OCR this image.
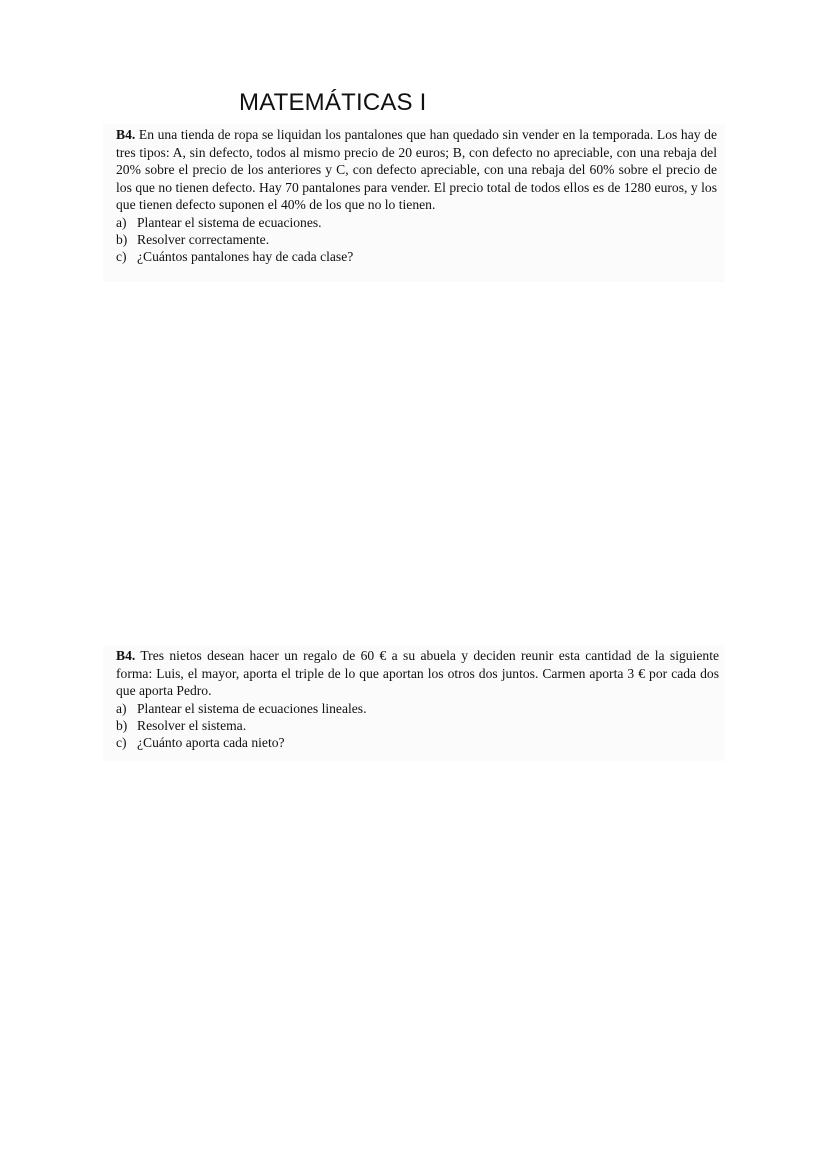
MATEMÁTICAS I

B4. En una tienda de ropa se liquidan los pantalones que han quedado sin vender en la temporada. Los hay de tres tipos: A, sin defecto, todos al mismo precio de 20 euros; B, con defecto no apreciable, con una rebaja del 20% sobre el precio de los anteriores y C, con defecto apreciable, con una rebaja del 60% sobre el precio de los que no tienen defecto. Hay 70 pantalones para vender. El precio total de todos ellos es de 1280 euros, y los que tienen defecto suponen el 40% de los que no lo tienen.

a) Plantear el sistema de ecuaciones.
b) Resolver correctamente.
c) ¿Cuántos pantalones hay de cada clase?

B4. Tres nietos desean hacer un regalo de 60 € a su abuela y deciden reunir esta cantidad de la siguiente forma: Luis, el mayor, aporta el triple de lo que aportan los otros dos juntos. Carmen aporta 3 € por cada dos que aporta Pedro.

a) Plantear el sistema de ecuaciones lineales.
b) Resolver el sistema.
c) ¿Cuánto aporta cada nieto?
